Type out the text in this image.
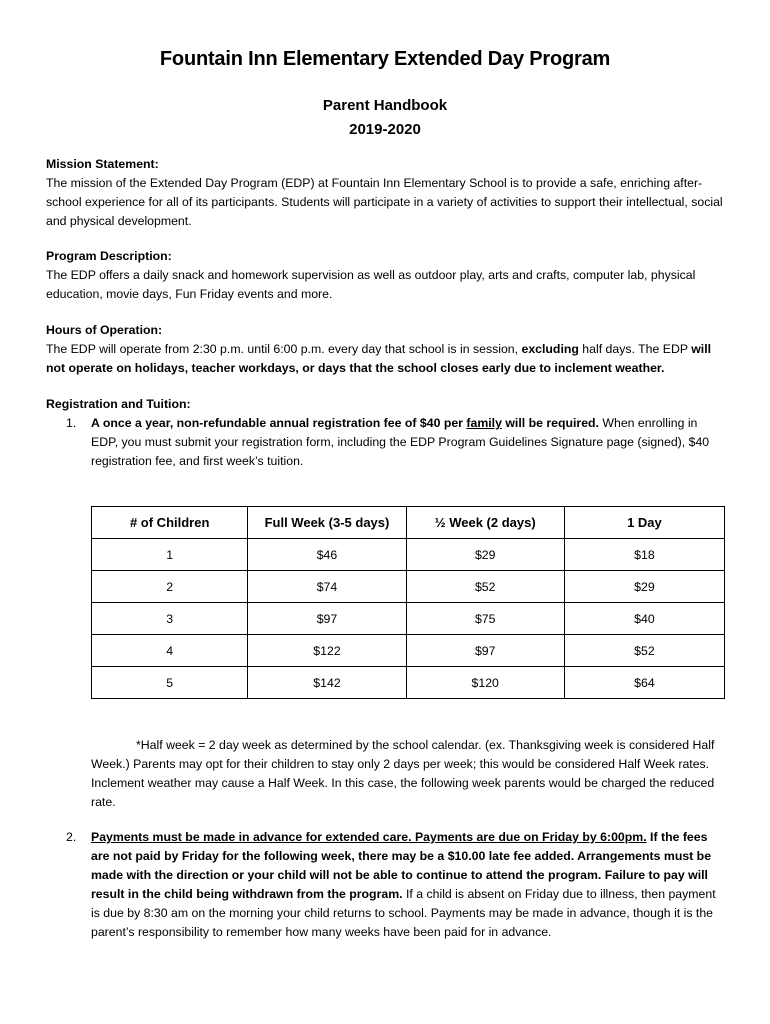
Fountain Inn Elementary Extended Day Program
Parent Handbook
2019-2020
Mission Statement:
The mission of the Extended Day Program (EDP) at Fountain Inn Elementary School is to provide a safe, enriching after-school experience for all of its participants. Students will participate in a variety of activities to support their intellectual, social and physical development.
Program Description:
The EDP offers a daily snack and homework supervision as well as outdoor play, arts and crafts, computer lab, physical education, movie days, Fun Friday events and more.
Hours of Operation:
The EDP will operate from 2:30 p.m. until 6:00 p.m. every day that school is in session, excluding half days. The EDP will not operate on holidays, teacher workdays, or days that the school closes early due to inclement weather.
Registration and Tuition:
1. A once a year, non-refundable annual registration fee of $40 per family will be required. When enrolling in EDP, you must submit your registration form, including the EDP Program Guidelines Signature page (signed), $40 registration fee, and first week’s tuition.
# of Children	Full Week (3-5 days)	½ Week (2 days)	1 Day
1	$46	$29	$18
2	$74	$52	$29
3	$97	$75	$40
4	$122	$97	$52
5	$142	$120	$64
*Half week = 2 day week as determined by the school calendar. (ex. Thanksgiving week is considered Half Week.) Parents may opt for their children to stay only 2 days per week; this would be considered Half Week rates. Inclement weather may cause a Half Week. In this case, the following week parents would be charged the reduced rate.
2. Payments must be made in advance for extended care. Payments are due on Friday by 6:00pm. If the fees are not paid by Friday for the following week, there may be a $10.00 late fee added. Arrangements must be made with the direction or your child will not be able to continue to attend the program. Failure to pay will result in the child being withdrawn from the program. If a child is absent on Friday due to illness, then payment is due by 8:30 am on the morning your child returns to school. Payments may be made in advance, though it is the parent’s responsibility to remember how many weeks have been paid for in advance.
